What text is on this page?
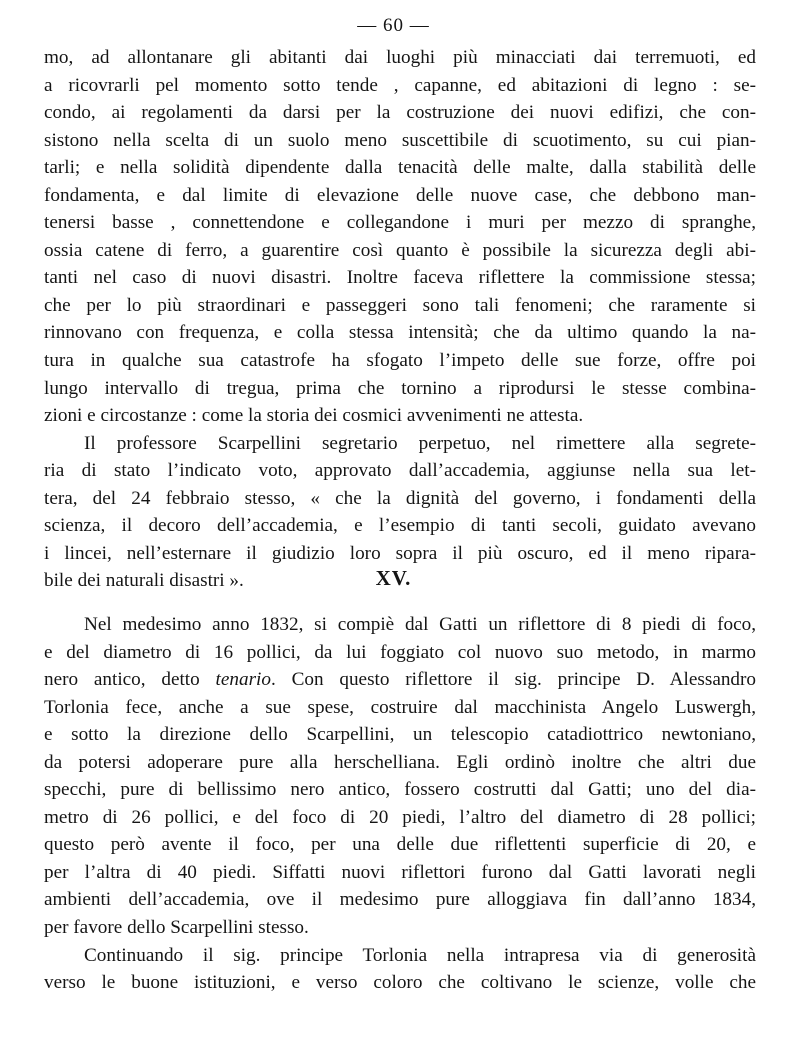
— 60 —
mo, ad allontanare gli abitanti dai luoghi più minacciati dai terremuoti, ed
a ricovrarli pel momento sotto tende , capanne, ed abitazioni di legno : se-
condo, ai regolamenti da darsi per la costruzione dei nuovi edifizi, che con-
sistono nella scelta di un suolo meno suscettibile di scuotimento, su cui pian-
tarli; e nella solidità dipendente dalla tenacità delle malte, dalla stabilità delle
fondamenta, e dal limite di elevazione delle nuove case, che debbono man-
tenersi basse , connettendone e collegandone i muri per mezzo di spranghe,
ossia catene di ferro, a guarentire così quanto è possibile la sicurezza degli abi-
tanti nel caso di nuovi disastri. Inoltre faceva riflettere la commissione stessa;
che per lo più straordinari e passeggeri sono tali fenomeni; che raramente si
rinnovano con frequenza, e colla stessa intensità; che da ultimo quando la na-
tura in qualche sua catastrofe ha sfogato l’impeto delle sue forze, offre poi
lungo intervallo di tregua, prima che tornino a riprodursi le stesse combina-
zioni e circostanze : come la storia dei cosmici avvenimenti ne attesta.
Il professore Scarpellini segretario perpetuo, nel rimettere alla segrete-
ria di stato l’indicato voto, approvato dall’accademia, aggiunse nella sua let-
tera, del 24 febbraio stesso, « che la dignità del governo, i fondamenti della
scienza, il decoro dell’accademia, e l’esempio di tanti secoli, guidato avevano
i lincei, nell’esternare il giudizio loro sopra il più oscuro, ed il meno ripara-
bile dei naturali disastri ».	XV.
Nel medesimo anno 1832, si compiè dal Gatti un riflettore di 8 piedi di foco,
e del diametro di 16 pollici, da lui foggiato col nuovo suo metodo, in marmo
nero antico, detto tenario. Con questo riflettore il sig. principe D. Alessandro
Torlonia fece, anche a sue spese, costruire dal macchinista Angelo Luswergh,
e sotto la direzione dello Scarpellini, un telescopio catadiottrico newtoniano,
da potersi adoperare pure alla herschelliana. Egli ordinò inoltre che altri due
specchi, pure di bellissimo nero antico, fossero costrutti dal Gatti; uno del dia-
metro di 26 pollici, e del foco di 20 piedi, l’altro del diametro di 28 pollici;
questo però avente il foco, per una delle due riflettenti superficie di 20, e
per l’altra di 40 piedi. Siffatti nuovi riflettori furono dal Gatti lavorati negli
ambienti dell’accademia, ove il medesimo pure alloggiava fin dall’anno 1834,
per favore dello Scarpellini stesso.
Continuando il sig. principe Torlonia nella intrapresa via di generosità
verso le buone istituzioni, e verso coloro che coltivano le scienze, volle che
